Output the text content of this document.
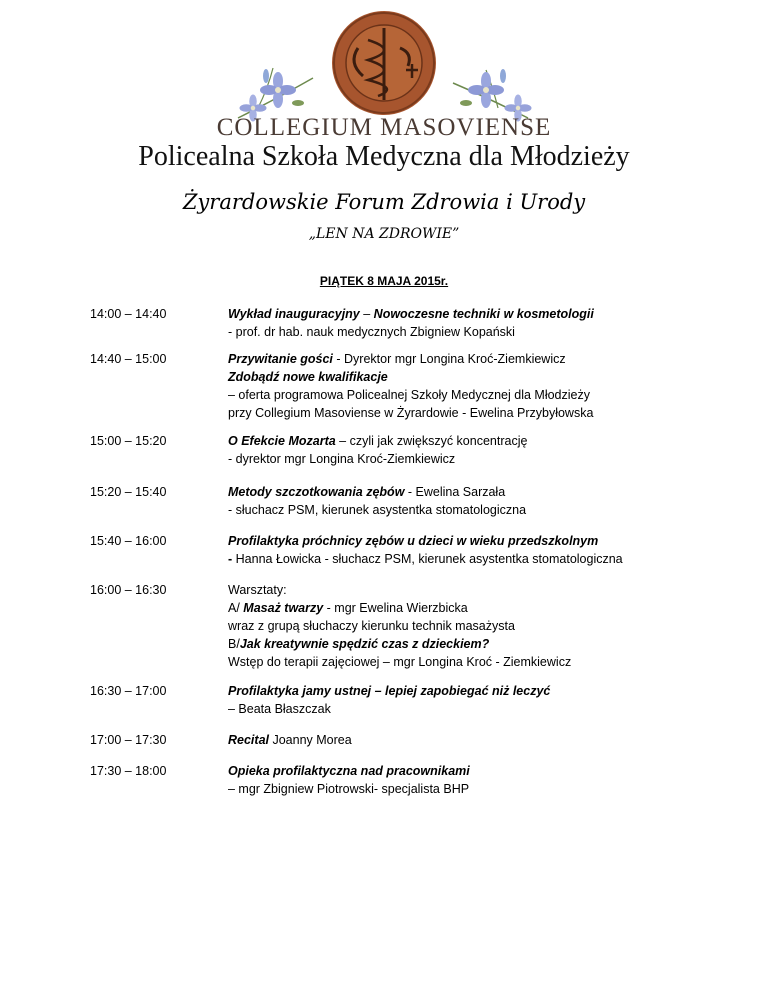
COLLEGIUM MASOVIENSE
Policealna Szkoła Medyczna dla Młodzieży
Żyrardowskie Forum Zdrowia i Urody
„LEN NA ZDROWIE”
PIĄTEK 8 MAJA 2015r.
14:00 – 14:40	Wykład inauguracyjny – Nowoczesne techniki w kosmetologii
- prof. dr hab. nauk medycznych Zbigniew Kopański
14:40 – 15:00	Przywitanie gości - Dyrektor mgr Longina Kroć-Ziemkiewicz
Zdobądź nowe kwalifikacje
– oferta programowa Policealnej Szkoły Medycznej dla Młodzieży
przy Collegium Masoviense w Żyrardowie - Ewelina Przybyłowska
15:00 – 15:20	O Efekcie Mozarta – czyli jak zwiększyć koncentrację
- dyrektor mgr Longina Kroć-Ziemkiewicz
15:20 – 15:40	Metody szczotkowania zębów - Ewelina Sarzała
- słuchacz PSM, kierunek asystentka stomatologiczna
15:40 – 16:00	Profilaktyka próchnicy zębów u dzieci w wieku przedszkolnym
- Hanna Łowicka - słuchacz PSM, kierunek asystentka stomatologiczna
16:00 – 16:30	Warsztaty:
A/ Masaż twarzy - mgr Ewelina Wierzbicka
wraz z grupą słuchaczy kierunku technik masażysta
B/Jak kreatywnie spędzić czas z dzieckiem?
Wstęp do terapii zajęciowej – mgr Longina Kroć - Ziemkiewicz
16:30 – 17:00	Profilaktyka jamy ustnej – lepiej zapobiegać niż leczyć
– Beata Błaszczak
17:00 – 17:30	Recital Joanny Morea
17:30 – 18:00	Opieka profilaktyczna nad pracownikami
– mgr Zbigniew Piotrowski- specjalista BHP
